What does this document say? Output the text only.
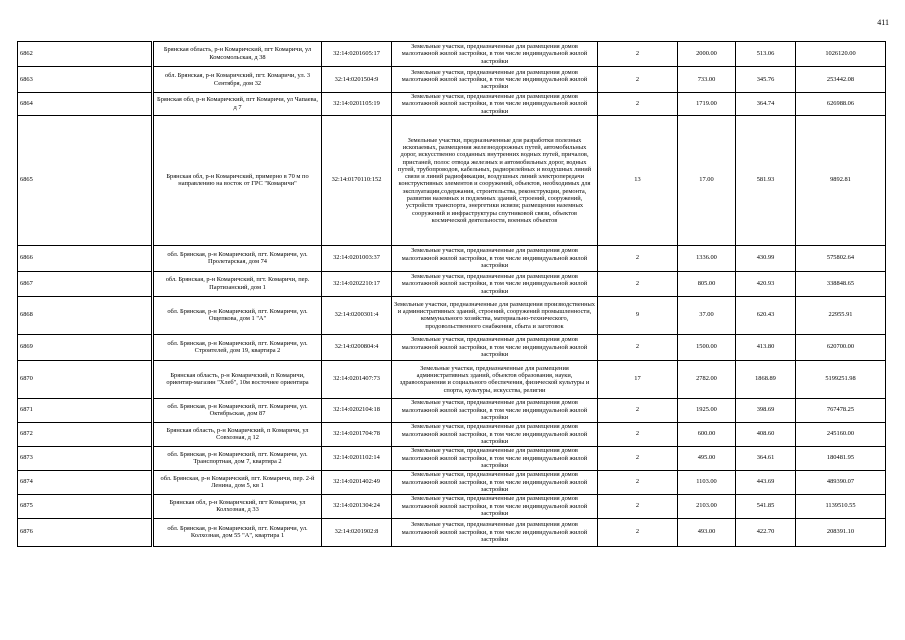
411
6862		Брянская область, р-н Комаричский, пгт Комаричи, ул Комсомольская, д 38	32:14:0201605:17	Земельные участки, предназначенные для размещения домов малоэтажной жилой застройки, в том числе индивидуальной жилой застройки	2	2000.00	513.06	1026120.00
6863		обл. Брянская, р-н Комаричский, пгт. Комаричи, ул. 3 Сентября, дом 32	32:14:0201504:9	Земельные участки, предназначенные для размещения домов малоэтажной жилой застройки, в том числе индивидуальной жилой застройки	2	733.00	345.76	253442.08
6864		Брянская обл, р-н Комаричский, пгт Комаричи, ул Чапаева, д 7	32:14:0201105:19	Земельные участки, предназначенные для размещения домов малоэтажной жилой застройки, в том числе индивидуальной жилой застройки	2	1719.00	364.74	626988.06
6865		Брянская обл, р-н Комаричский, примерно в 70 м по направлению на восток от ГРС "Комаричи"	32:14:0170110:152	Земельные участки, предназначенные для разработки полезных ископаемых, размещения железнодорожных путей, автомобильных дорог, искусственно созданных внутренних водных путей, причалов, пристаней, полос отвода железных и автомобильных дорог, водных путей, трубопроводов, кабельных, радиорелейных и воздушных линий связи и линий радиофикации, воздушных линий электропередачи конструктивных элементов и сооружений, объектов, необходимых для эксплуатации,содержания, строительства, реконструкции, ремонта, развития наземных и подземных зданий, строений, сооружений, устройств транспорта, энергетики исвязи; размещения наземных сооружений и инфраструктуры спутниковой связи, объектов космической деятельности, военных объектов	13	17.00	581.93	9892.81
6866		обл. Брянская, р-н Комаричский, пгт. Комаричи, ул. Пролетарская, дом 74	32:14:0201003:37	Земельные участки, предназначенные для размещения домов малоэтажной жилой застройки, в том числе индивидуальной жилой застройки	2	1336.00	430.99	575802.64
6867		обл. Брянская, р-н Комаричский, пгт. Комаричи, пер. Партизанский, дом 1	32:14:0202210:17	Земельные участки, предназначенные для размещения домов малоэтажной жилой застройки, в том числе индивидуальной жилой застройки	2	805.00	420.93	338848.65
6868		обл. Брянская, р-н Комаричский, пгт. Комаричи, ул. Ощепкова, дом 1 "А"	32:14:0200301:4	Земельные участки, предназначенные для размещения производственных и административных зданий, строений, сооружений промышленности, коммунального хозяйства, материально-технического, продовольственного снабжения, сбыта и заготовок	9	37.00	620.43	22955.91
6869		обл. Брянская, р-н Комаричский, пгт. Комаричи, ул. Строителей, дом 19, квартира 2	32:14:0200804:4	Земельные участки, предназначенные для размещения домов малоэтажной жилой застройки, в том числе индивидуальной жилой застройки	2	1500.00	413.80	620700.00
6870		Брянская область, р-н Комаричский, п Комаричи, ориентир-магазин "Хлеб", 10м восточнее ориентира	32:14:0201407:73	Земельные участки, предназначенные для размещения административных зданий, объектов образования, науки, здравоохранения и социального обеспечения, физической культуры и спорта, культуры, искусства, религии	17	2782.00	1868.89	5199251.98
6871		обл. Брянская, р-н Комаричский, пгт. Комаричи, ул. Октябрьская, дом 87	32:14:0202104:18	Земельные участки, предназначенные для размещения домов малоэтажной жилой застройки, в том числе индивидуальной жилой застройки	2	1925.00	398.69	767478.25
6872		Брянская область, р-н Комаричский, п Комаричи, ул Совхозная, д 12	32:14:0201704:78	Земельные участки, предназначенные для размещения домов малоэтажной жилой застройки, в том числе индивидуальной жилой застройки	2	600.00	408.60	245160.00
6873		обл. Брянская, р-н Комаричский, пгт. Комаричи, ул. Транспортная, дом 7, квартира 2	32:14:0201102:14	Земельные участки, предназначенные для размещения домов малоэтажной жилой застройки, в том числе индивидуальной жилой застройки	2	495.00	364.61	180481.95
6874		обл. Брянская, р-н Комаричский, пгт. Комаричи, пер. 2-й Ленина, дом 5, кв 1	32:14:0201402:49	Земельные участки, предназначенные для размещения домов малоэтажной жилой застройки, в том числе индивидуальной жилой застройки	2	1103.00	443.69	489390.07
6875		Брянская обл, р-н Комаричский, пгт Комаричи, ул Колхозная, д 33	32:14:0201304:24	Земельные участки, предназначенные для размещения домов малоэтажной жилой застройки, в том числе индивидуальной жилой застройки	2	2103.00	541.85	1139510.55
6876		обл. Брянская, р-н Комаричский, пгт. Комаричи, ул. Колхозная, дом 55 "А", квартира 1	32:14:0201902:8	Земельные участки, предназначенные для размещения домов малоэтажной жилой застройки, в том числе индивидуальной жилой застройки	2	493.00	422.70	208391.10
